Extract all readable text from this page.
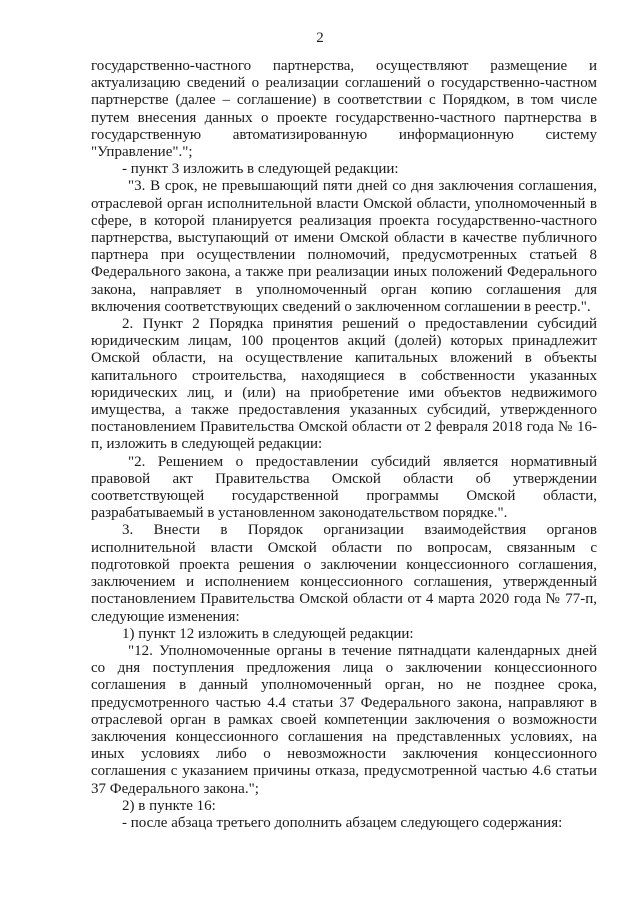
2

государственно-частного партнерства, осуществляют размещение и актуализацию сведений о реализации соглашений о государственно-частном партнерстве (далее – соглашение) в соответствии с Порядком, в том числе путем внесения данных о проекте государственно-частного партнерства в государственную автоматизированную информационную систему "Управление".";

- пункт 3 изложить в следующей редакции:

"3. В срок, не превышающий пяти дней со дня заключения соглашения, отраслевой орган исполнительной власти Омской области, уполномоченный в сфере, в которой планируется реализация проекта государственно-частного партнерства, выступающий от имени Омской области в качестве публичного партнера при осуществлении полномочий, предусмотренных статьей 8 Федерального закона, а также при реализации иных положений Федерального закона, направляет в уполномоченный орган копию соглашения для включения соответствующих сведений о заключенном соглашении в реестр.".

2. Пункт 2 Порядка принятия решений о предоставлении субсидий юридическим лицам, 100 процентов акций (долей) которых принадлежит Омской области, на осуществление капитальных вложений в объекты капитального строительства, находящиеся в собственности указанных юридических лиц, и (или) на приобретение ими объектов недвижимого имущества, а также предоставления указанных субсидий, утвержденного постановлением Правительства Омской области от 2 февраля 2018 года № 16-п, изложить в следующей редакции:

"2. Решением о предоставлении субсидий является нормативный правовой акт Правительства Омской области об утверждении соответствующей государственной программы Омской области, разрабатываемый в установленном законодательством порядке.".

3. Внести в Порядок организации взаимодействия органов исполнительной власти Омской области по вопросам, связанным с подготовкой проекта решения о заключении концессионного соглашения, заключением и исполнением концессионного соглашения, утвержденный постановлением Правительства Омской области от 4 марта 2020 года № 77-п, следующие изменения:

1) пункт 12 изложить в следующей редакции:

"12. Уполномоченные органы в течение пятнадцати календарных дней со дня поступления предложения лица о заключении концессионного соглашения в данный уполномоченный орган, но не позднее срока, предусмотренного частью 4.4 статьи 37 Федерального закона, направляют в отраслевой орган в рамках своей компетенции заключения о возможности заключения концессионного соглашения на представленных условиях, на иных условиях либо о невозможности заключения концессионного соглашения с указанием причины отказа, предусмотренной частью 4.6 статьи 37 Федерального закона.";

2) в пункте 16:

- после абзаца третьего дополнить абзацем следующего содержания:
